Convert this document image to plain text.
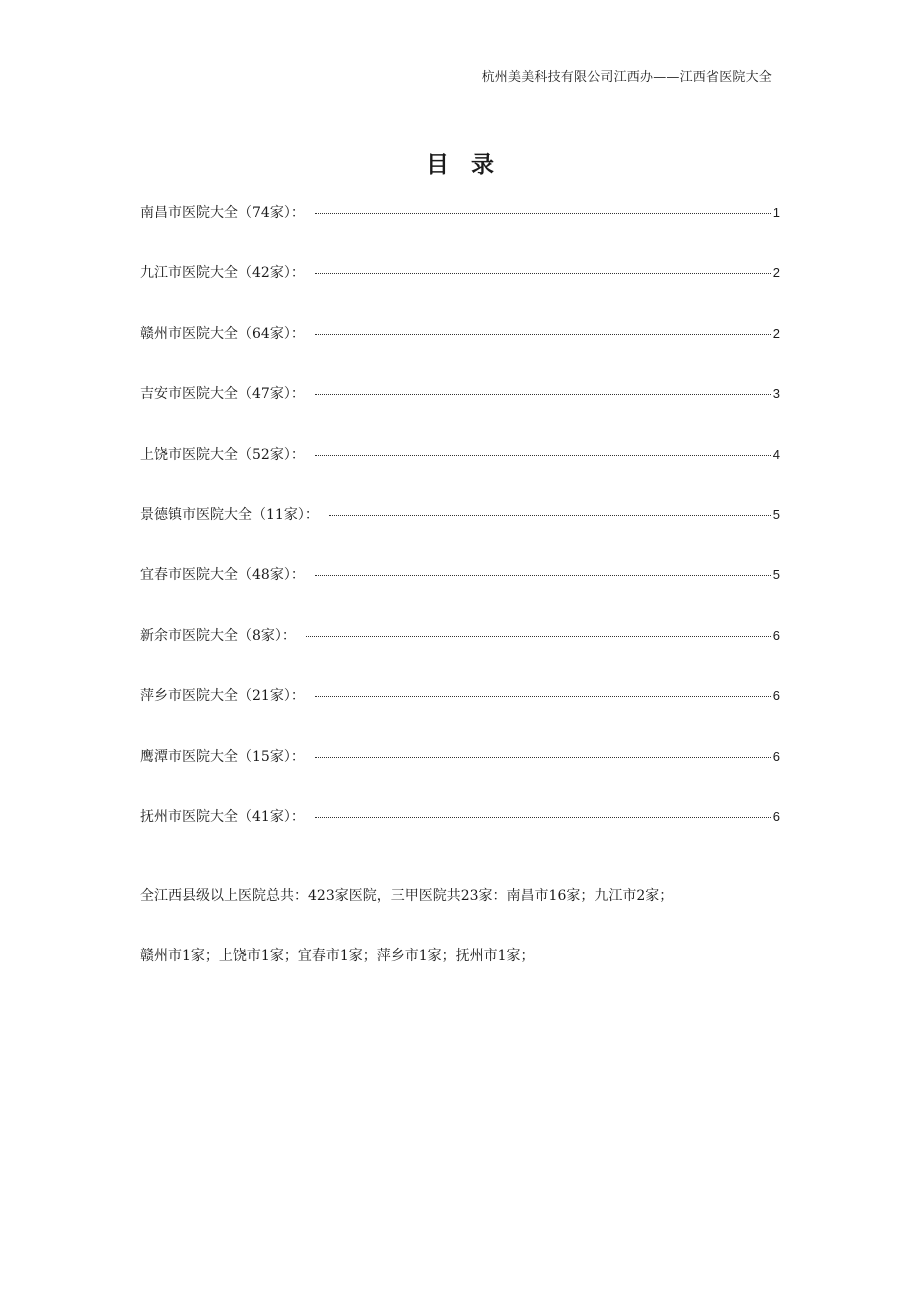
杭州美美科技有限公司江西办——江西省医院大全
目录
南昌市医院大全（74家）：	1
九江市医院大全（42家）：	2
赣州市医院大全（64家）：	2
吉安市医院大全（47家）：	3
上饶市医院大全（52家）：	4
景德镇市医院大全（11家）：	5
宜春市医院大全（48家）：	5
新余市医院大全（8家）：	6
萍乡市医院大全（21家）：	6
鹰潭市医院大全（15家）：	6
抚州市医院大全（41家）：	6

全江西县级以上医院总共：423家医院，三甲医院共23家：南昌市16家；九江市2家；

赣州市1家；上饶市1家；宜春市1家；萍乡市1家；抚州市1家；
